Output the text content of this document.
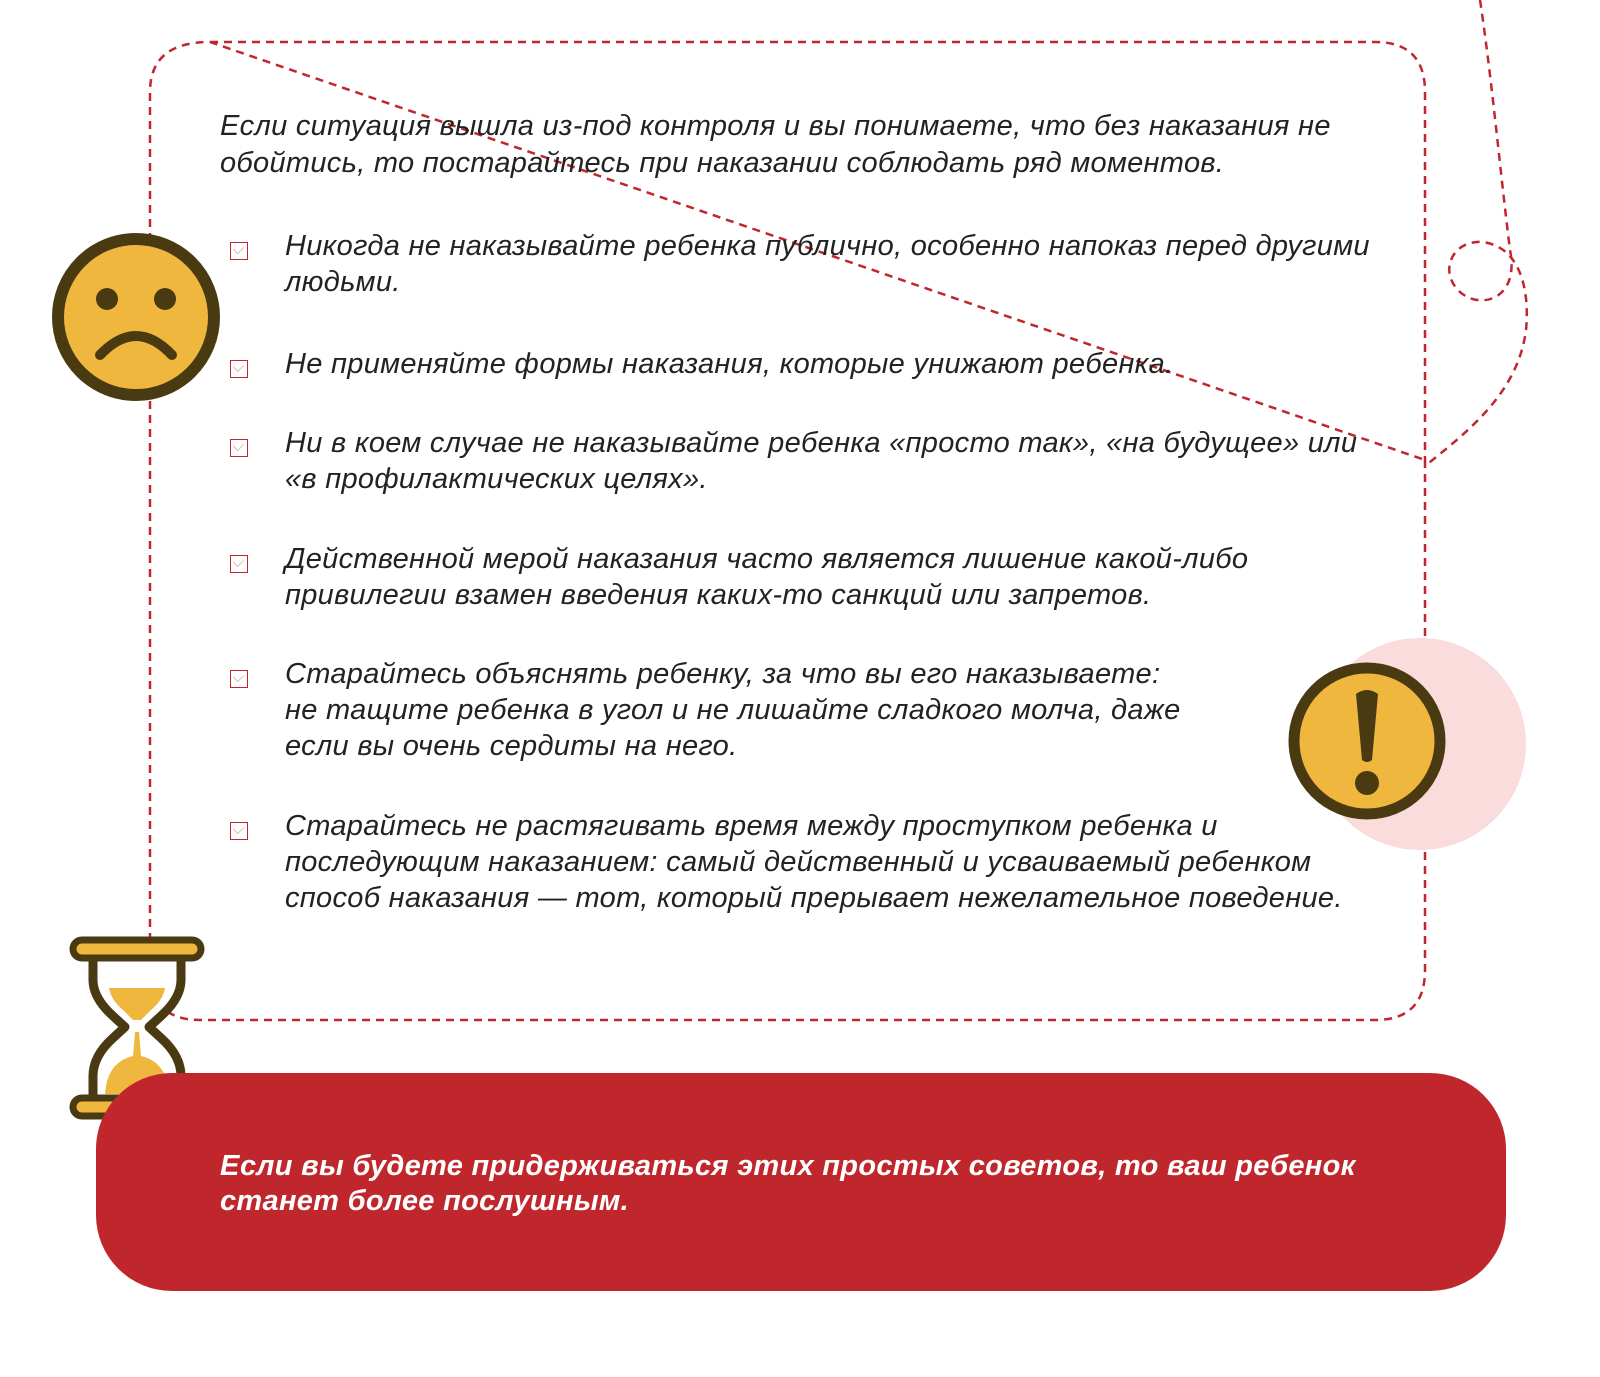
Если ситуация вышла из-под контроля и вы понимаете, что без наказания не обойтись, то постарайтесь при наказании соблюдать ряд моментов.

Никогда не наказывайте ребенка публично, особенно напоказ перед другими людьми.
Не применяйте формы наказания, которые унижают ребенка.
Ни в коем случае не наказывайте ребенка «просто так», «на будущее» или «в профилактических целях».
Действенной мерой наказания часто является лишение какой-либо привилегии взамен введения каких-то санкций или запретов.
Старайтесь объяснять ребенку, за что вы его наказываете:
не тащите ребенка в угол и не лишайте сладкого молча, даже
если вы очень сердиты на него.
Старайтесь не растягивать время между проступком ребенка и последующим наказанием: самый действенный и усваиваемый ребенком способ наказания — тот, который прерывает нежелательное поведение.

Если вы будете придерживаться этих простых советов, то ваш ребенок станет более послушным.
